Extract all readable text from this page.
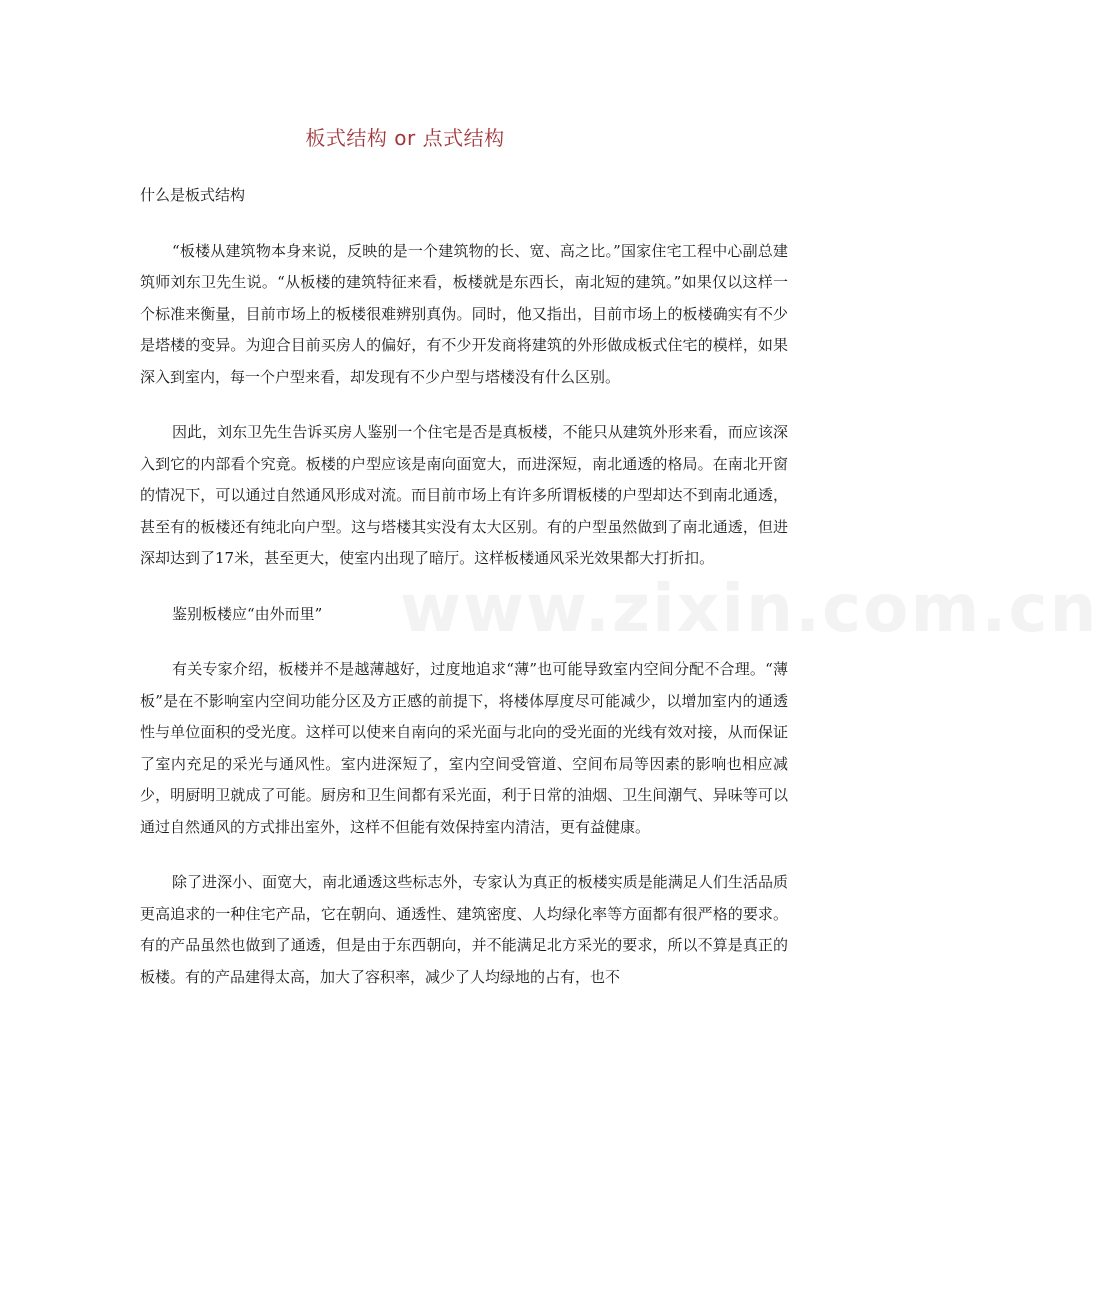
板式结构 or 点式结构

什么是板式结构

“板楼从建筑物本身来说，反映的是一个建筑物的长、宽、高之比。”国家住宅工程中心副总建筑师刘东卫先生说。“从板楼的建筑特征来看，板楼就是东西长，南北短的建筑。”如果仅以这样一个标准来衡量，目前市场上的板楼很难辨别真伪。同时，他又指出，目前市场上的板楼确实有不少是塔楼的变异。为迎合目前买房人的偏好，有不少开发商将建筑的外形做成板式住宅的模样，如果深入到室内，每一个户型来看，却发现有不少户型与塔楼没有什么区别。

因此，刘东卫先生告诉买房人鉴别一个住宅是否是真板楼，不能只从建筑外形来看，而应该深入到它的内部看个究竟。板楼的户型应该是南向面宽大，而进深短，南北通透的格局。在南北开窗的情况下，可以通过自然通风形成对流。而目前市场上有许多所谓板楼的户型却达不到南北通透，甚至有的板楼还有纯北向户型。这与塔楼其实没有太大区别。有的户型虽然做到了南北通透，但进深却达到了17米，甚至更大，使室内出现了暗厅。这样板楼通风采光效果都大打折扣。

鉴别板楼应“由外而里”

有关专家介绍，板楼并不是越薄越好，过度地追求“薄”也可能导致室内空间分配不合理。“薄板”是在不影响室内空间功能分区及方正感的前提下，将楼体厚度尽可能减少，以增加室内的通透性与单位面积的受光度。这样可以使来自南向的采光面与北向的受光面的光线有效对接，从而保证了室内充足的采光与通风性。室内进深短了，室内空间受管道、空间布局等因素的影响也相应减少，明厨明卫就成了可能。厨房和卫生间都有采光面，利于日常的油烟、卫生间潮气、异味等可以通过自然通风的方式排出室外，这样不但能有效保持室内清洁，更有益健康。

除了进深小、面宽大，南北通透这些标志外，专家认为真正的板楼实质是能满足人们生活品质更高追求的一种住宅产品，它在朝向、通透性、建筑密度、人均绿化率等方面都有很严格的要求。有的产品虽然也做到了通透，但是由于东西朝向，并不能满足北方采光的要求，所以不算是真正的板楼。有的产品建得太高，加大了容积率，减少了人均绿地的占有，也不

www.zixin.com.cn
